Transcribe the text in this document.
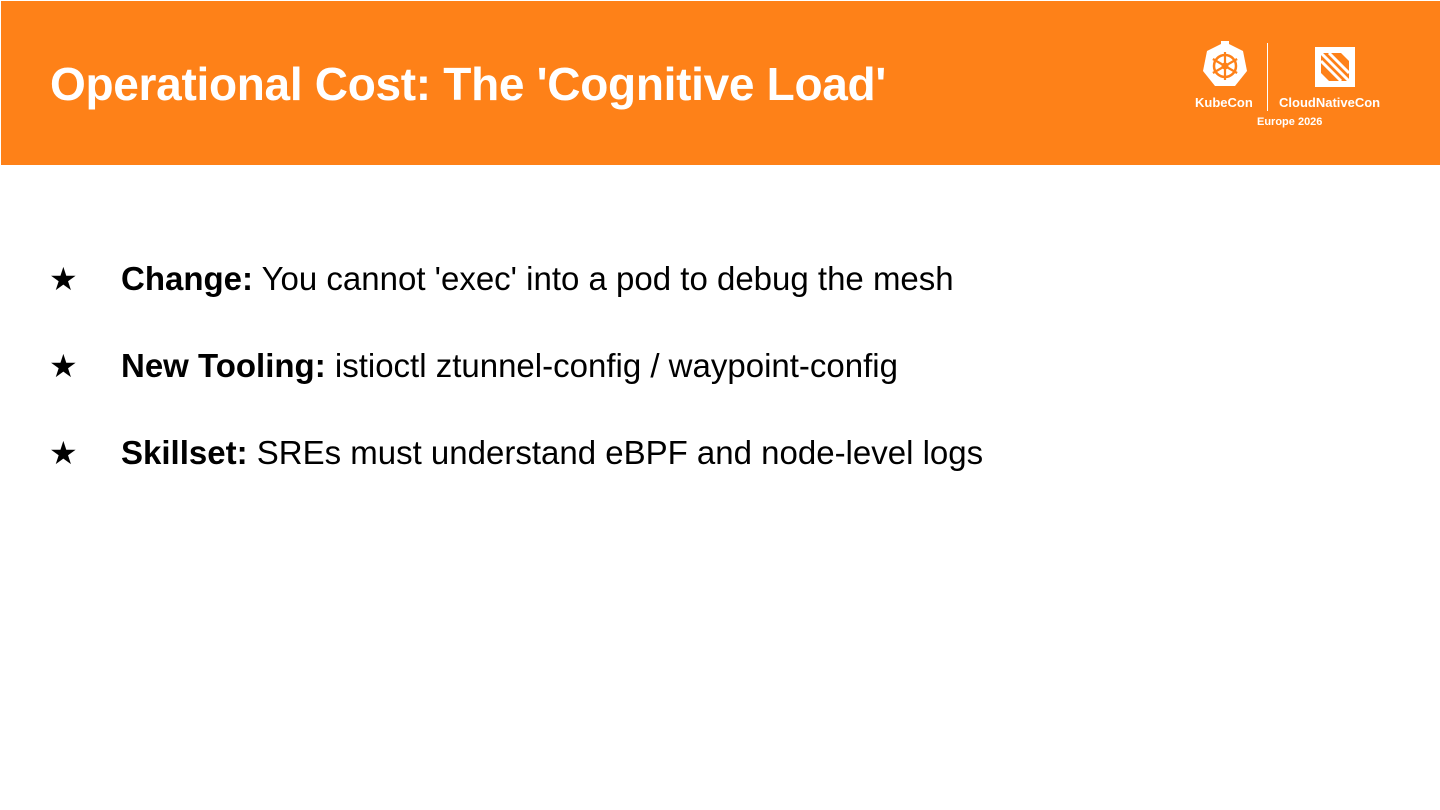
Operational Cost: The 'Cognitive Load'	KubeCon CloudNativeCon
Europe 2026
★ Change: You cannot 'exec' into a pod to debug the mesh
★ New Tooling: istioctl ztunnel-config / waypoint-config
★ Skillset: SREs must understand eBPF and node-level logs
